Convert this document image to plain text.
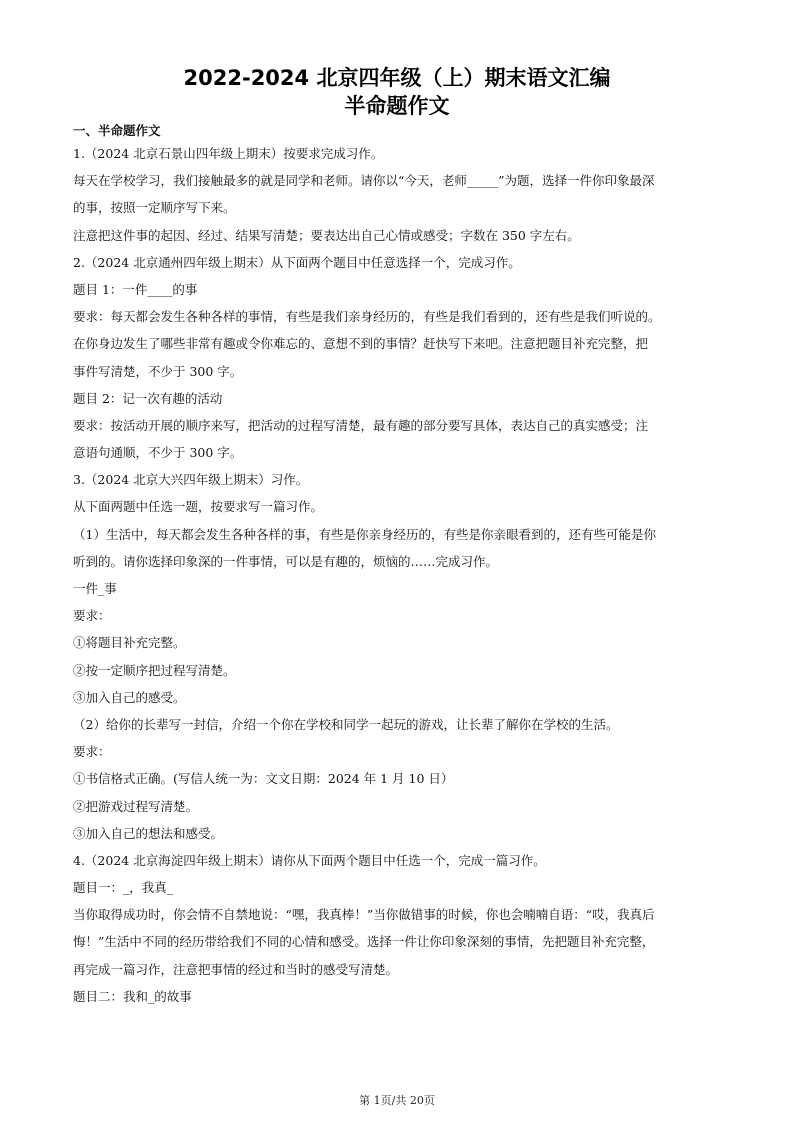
2022-2024 北京四年级（上）期末语文汇编
半命题作文
一、半命题作文
1.（2024 北京石景山四年级上期末）按要求完成习作。
每天在学校学习，我们接触最多的就是同学和老师。请你以“今天，老师_____”为题，选择一件你印象最深
的事，按照一定顺序写下来。
注意把这件事的起因、经过、结果写清楚；要表达出自己心情或感受；字数在 350 字左右。
2.（2024 北京通州四年级上期末）从下面两个题目中任意选择一个，完成习作。
题目 1：一件____的事
要求：每天都会发生各种各样的事情，有些是我们亲身经历的，有些是我们看到的，还有些是我们听说的。
在你身边发生了哪些非常有趣或令你难忘的、意想不到的事情？赶快写下来吧。注意把题目补充完整，把
事件写清楚，不少于 300 字。
题目 2：记一次有趣的活动
要求：按活动开展的顺序来写，把活动的过程写清楚，最有趣的部分要写具体，表达自己的真实感受；注
意语句通顺，不少于 300 字。
3.（2024 北京大兴四年级上期末）习作。
从下面两题中任选一题，按要求写一篇习作。
（1）生活中，每天都会发生各种各样的事，有些是你亲身经历的，有些是你亲眼看到的，还有些可能是你
听到的。请你选择印象深的一件事情，可以是有趣的，烦恼的……完成习作。
一件_事
要求：
①将题目补充完整。
②按一定顺序把过程写清楚。
③加入自己的感受。
（2）给你的长辈写一封信，介绍一个你在学校和同学一起玩的游戏，让长辈了解你在学校的生活。
要求：
①书信格式正确。(写信人统一为：文文日期：2024 年 1 月 10 日）
②把游戏过程写清楚。
③加入自己的想法和感受。
4.（2024 北京海淀四年级上期末）请你从下面两个题目中任选一个，完成一篇习作。
题目一：_，我真_
当你取得成功时，你会情不自禁地说：“嘿，我真棒！”当你做错事的时候，你也会喃喃自语：“哎，我真后
悔！”生活中不同的经历带给我们不同的心情和感受。选择一件让你印象深刻的事情，先把题目补充完整，
再完成一篇习作，注意把事情的经过和当时的感受写清楚。
题目二：我和_的故事
第 1页/共 20页
